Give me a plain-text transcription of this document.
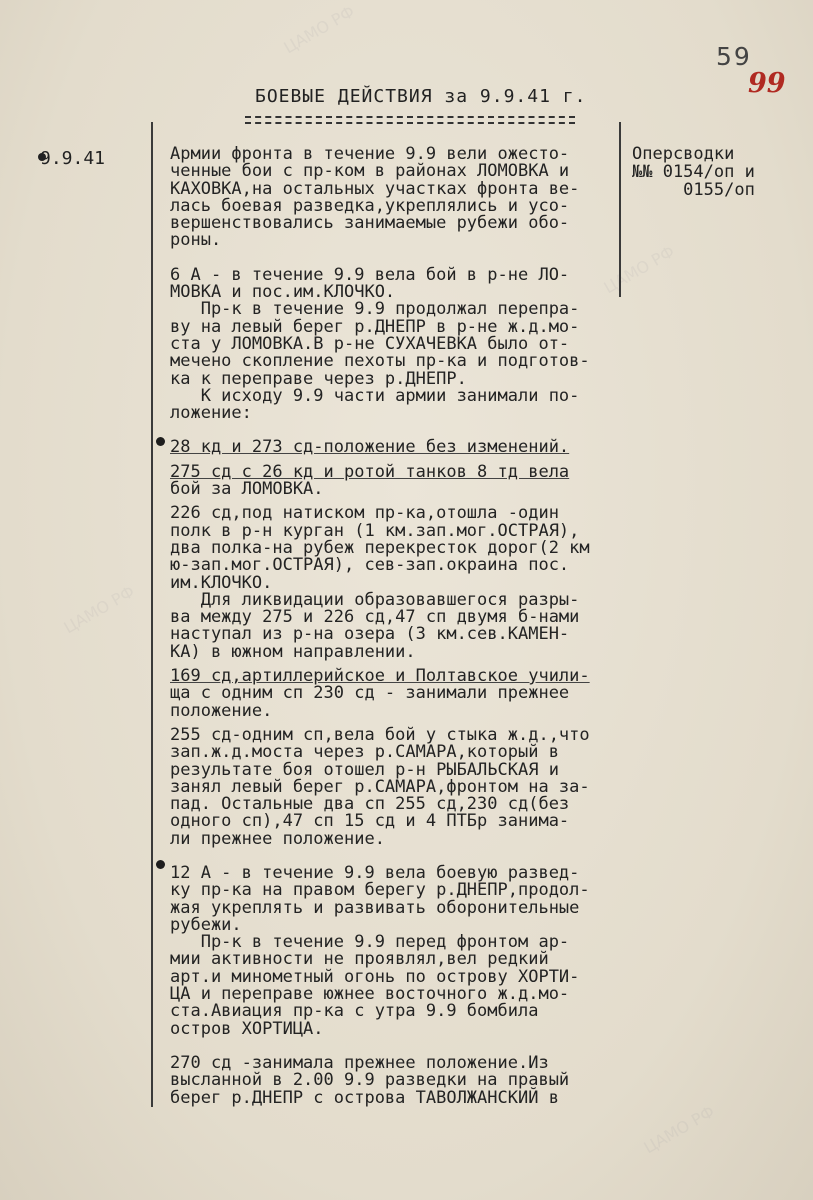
ЦАМО РФ
ЦАМО РФ
ЦАМО РФ
ЦАМО РФ
59
99
БОЕВЫЕ ДЕЙСТВИЯ за 9.9.41 г.
9.9.41	Оперсводки
№№ 0154/оп и
0155/оп
Армии фронта в течение 9.9 вели ожесто-
ченные бои с пр-ком в районах ЛОМОВКА и
КАХОВКА,на остальных участках фронта ве-
лась боевая разведка,укреплялись и усо-
вершенствовались занимаемые рубежи обо-
роны.
6 А - в течение 9.9 вела бой в р-не ЛО-
МОВКА и пос.им.КЛОЧКО.
Пр-к в течение 9.9 продолжал перепра-
ву на левый берег р.ДНЕПР в р-не ж.д.мо-
ста у ЛОМОВКА.В р-не СУХАЧЕВКА было от-
мечено скопление пехоты пр-ка и подготов-
ка к переправе через р.ДНЕПР.
К исходу 9.9 части армии занимали по-
ложение:
28 кд и 273 сд-положение без изменений.
275 сд с 26 кд и ротой танков 8 тд вела
бой за ЛОМОВКА.
226 сд,под натиском пр-ка,отошла -один
полк в р-н курган (1 км.зап.мог.ОСТРАЯ),
два полка-на рубеж перекресток дорог(2 км
ю-зап.мог.ОСТРАЯ), сев-зап.окраина пос.
им.КЛОЧКО.
Для ликвидации образовавшегося разры-
ва между 275 и 226 сд,47 сп двумя б-нами
наступал из р-на озера (3 км.сев.КАМЕН-
КА) в южном направлении.
169 сд,артиллерийское и Полтавское учили-
ща с одним сп 230 сд - занимали прежнее
положение.
255 сд-одним сп,вела бой у стыка ж.д.,что
зап.ж.д.моста через р.САМАРА,который в
результате боя отошел р-н РЫБАЛЬСКАЯ и
занял левый берег р.САМАРА,фронтом на за-
пад. Остальные два сп 255 сд,230 сд(без
одного сп),47 сп 15 сд и 4 ПТБр занима-
ли прежнее положение.
12 А - в течение 9.9 вела боевую развед-
ку пр-ка на правом берегу р.ДНЕПР,продол-
жая укреплять и развивать оборонительные
рубежи.
Пр-к в течение 9.9 перед фронтом ар-
мии активности не проявлял,вел редкий
арт.и минометный огонь по острову ХОРТИ-
ЦА и переправе южнее восточного ж.д.мо-
ста.Авиация пр-ка с утра 9.9 бомбила
остров ХОРТИЦА.
270 сд -занимала прежнее положение.Из
высланной в 2.00 9.9 разведки на правый
берег р.ДНЕПР с острова ТАВОЛЖАНСКИЙ в
